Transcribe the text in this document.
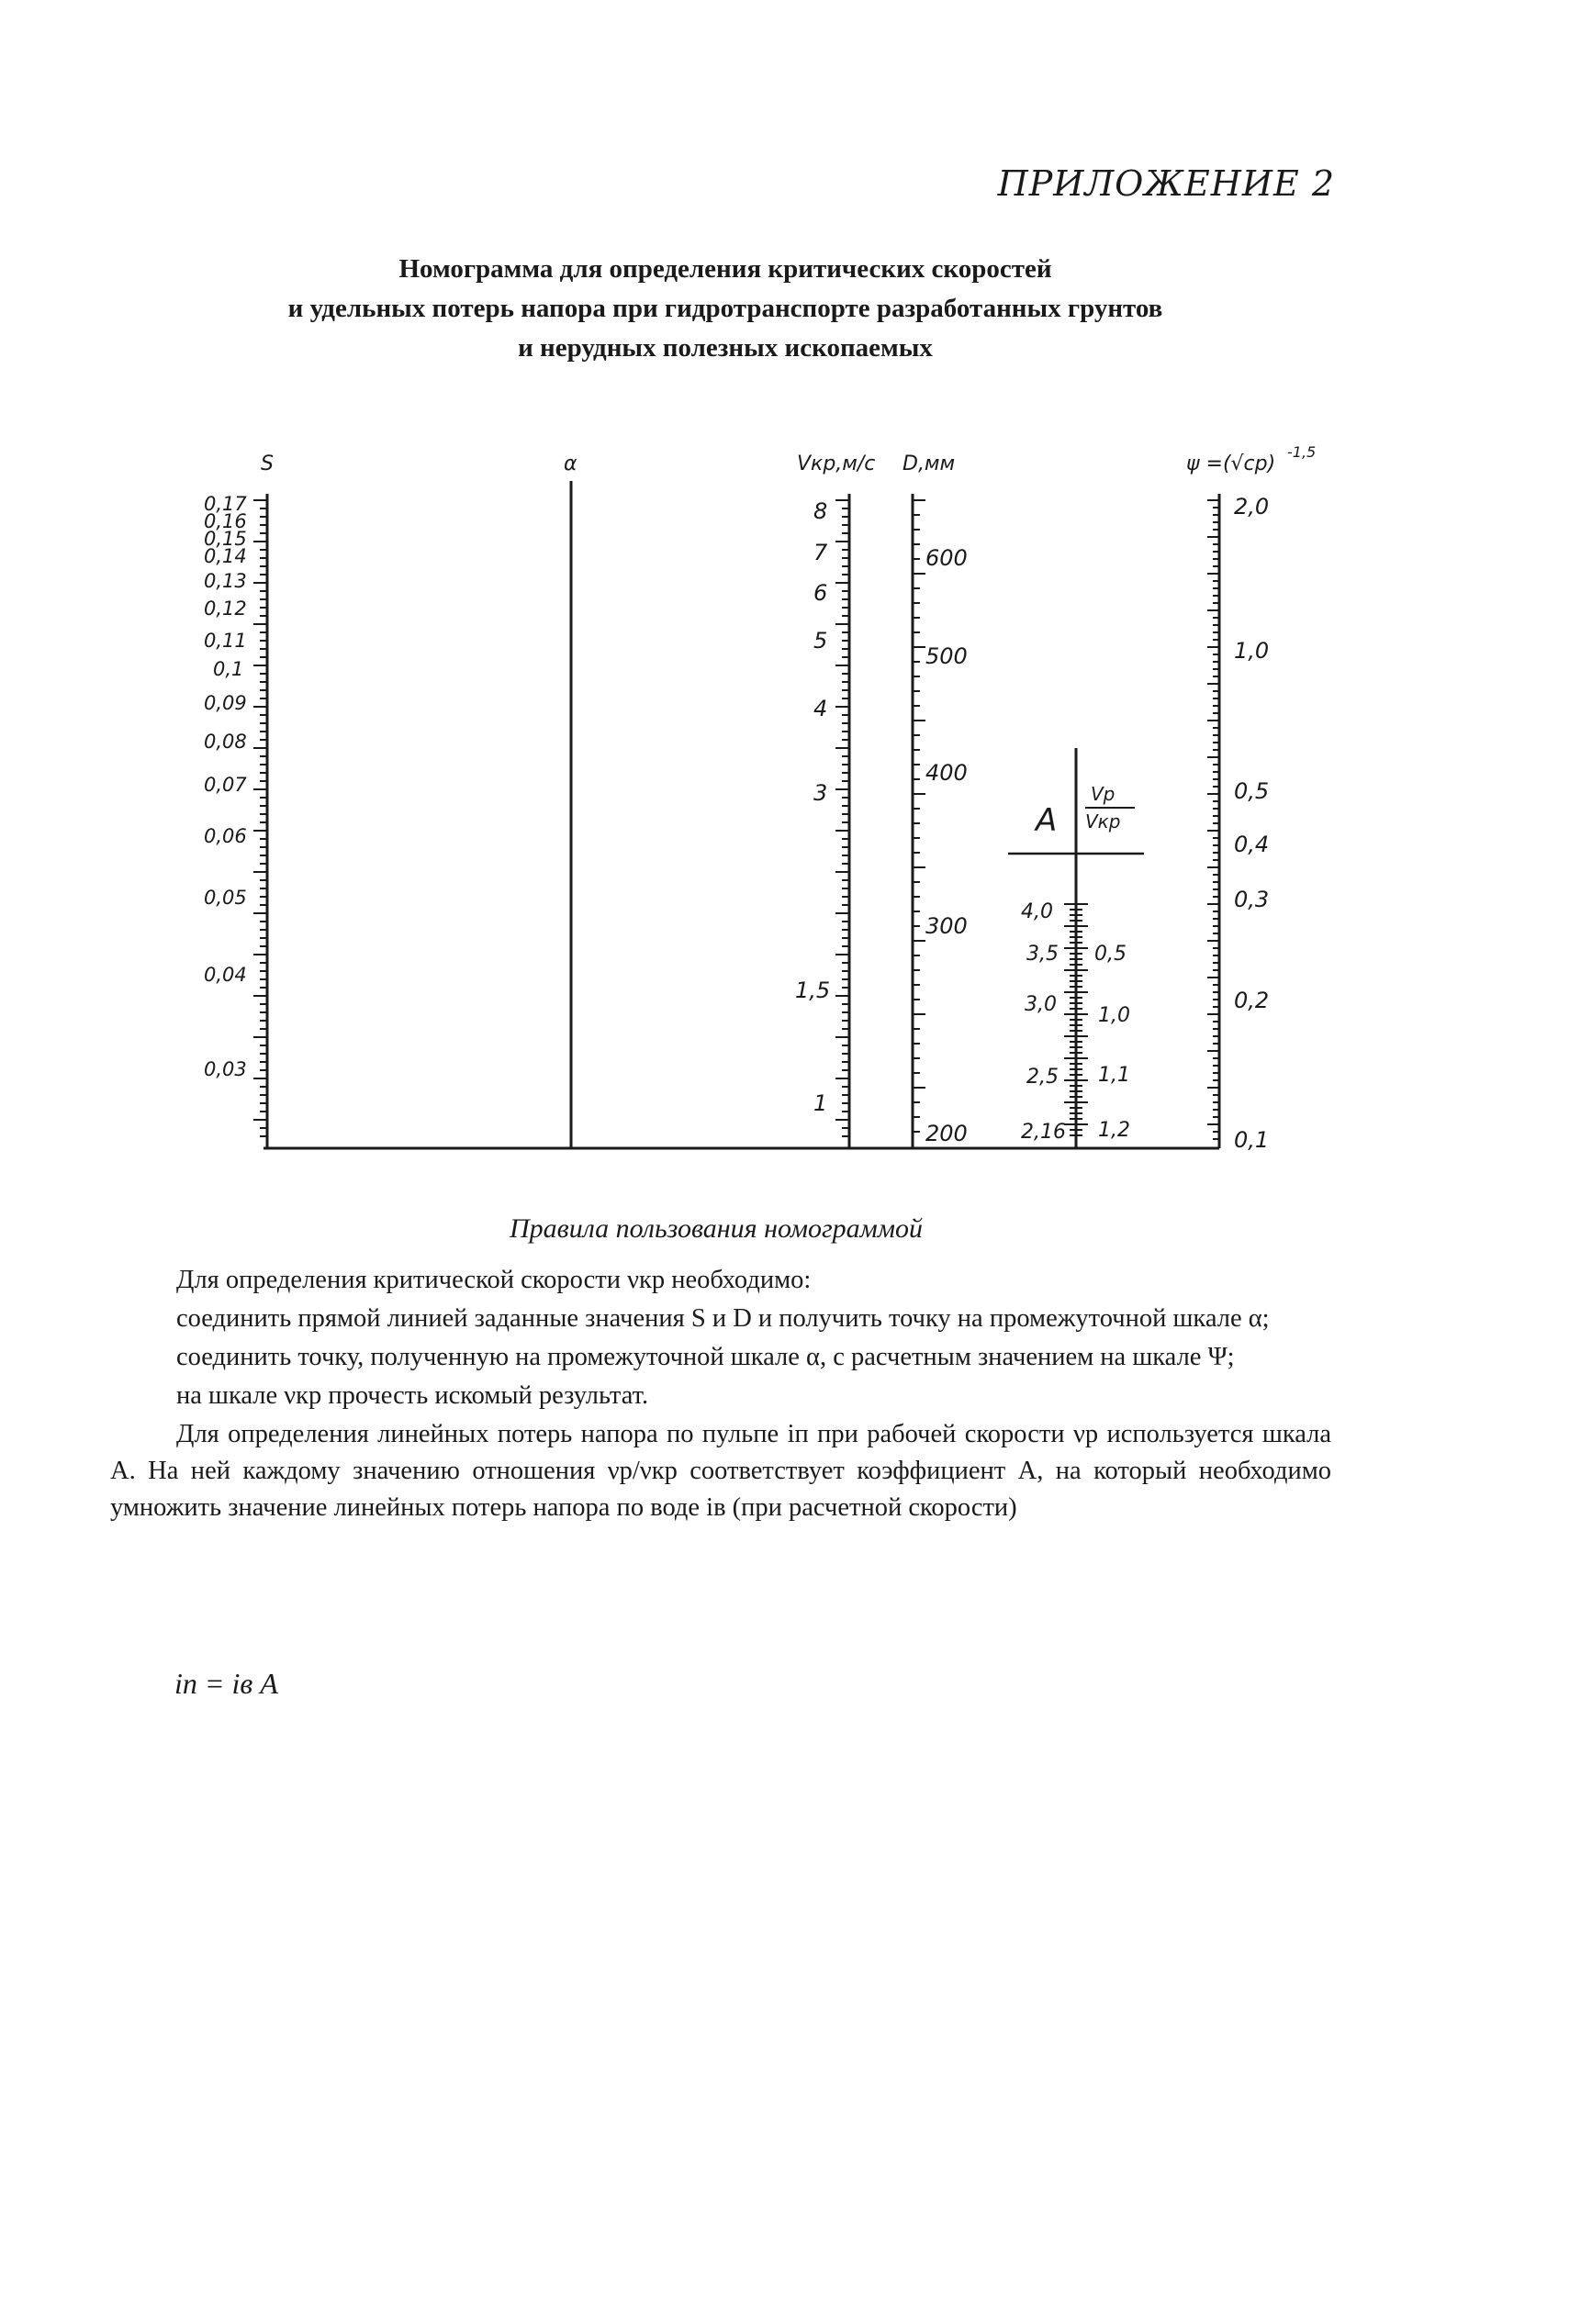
ПРИЛОЖЕНИЕ 2
Номограмма для определения критических скоростей
и удельных потерь напора при гидротранспорте разработанных грунтов
и нерудных полезных ископаемых
S	α	Vкр,м/с D,мм	ψ =(√cр)
-1,5
A
Vр
Vкр
0,17
0,16
0,15
0,14
0,13
0,12
0,11
0,1
0,09
0,08
0,07
0,06
0,05
0,04
0,03
8
7
6
5
4
3
1,5
1
600
500
400
300
200
2,0
1,0
0,5
0,4
0,3
0,2
0,1
4,0
3,5
3,0
2,5
2,16
0,5
1,0
1,1
1,2
Правила пользования номограммой

Для определения критической скорости νкр необходимо:

соединить прямой линией заданные значения S и D и получить точку на промежуточной шкале α;

соединить точку, полученную на промежуточной шкале α, с расчетным значением на шкале Ψ;

на шкале νкр прочесть искомый результат.

Для определения линейных потерь напора по пульпе iп при рабочей скорости νр используется шкала A. На ней каждому значению отношения νр/νкр соответствует коэффициент A, на который необходимо умножить значение линейных потерь напора по воде iв (при расчетной скорости)

iп = iв A
